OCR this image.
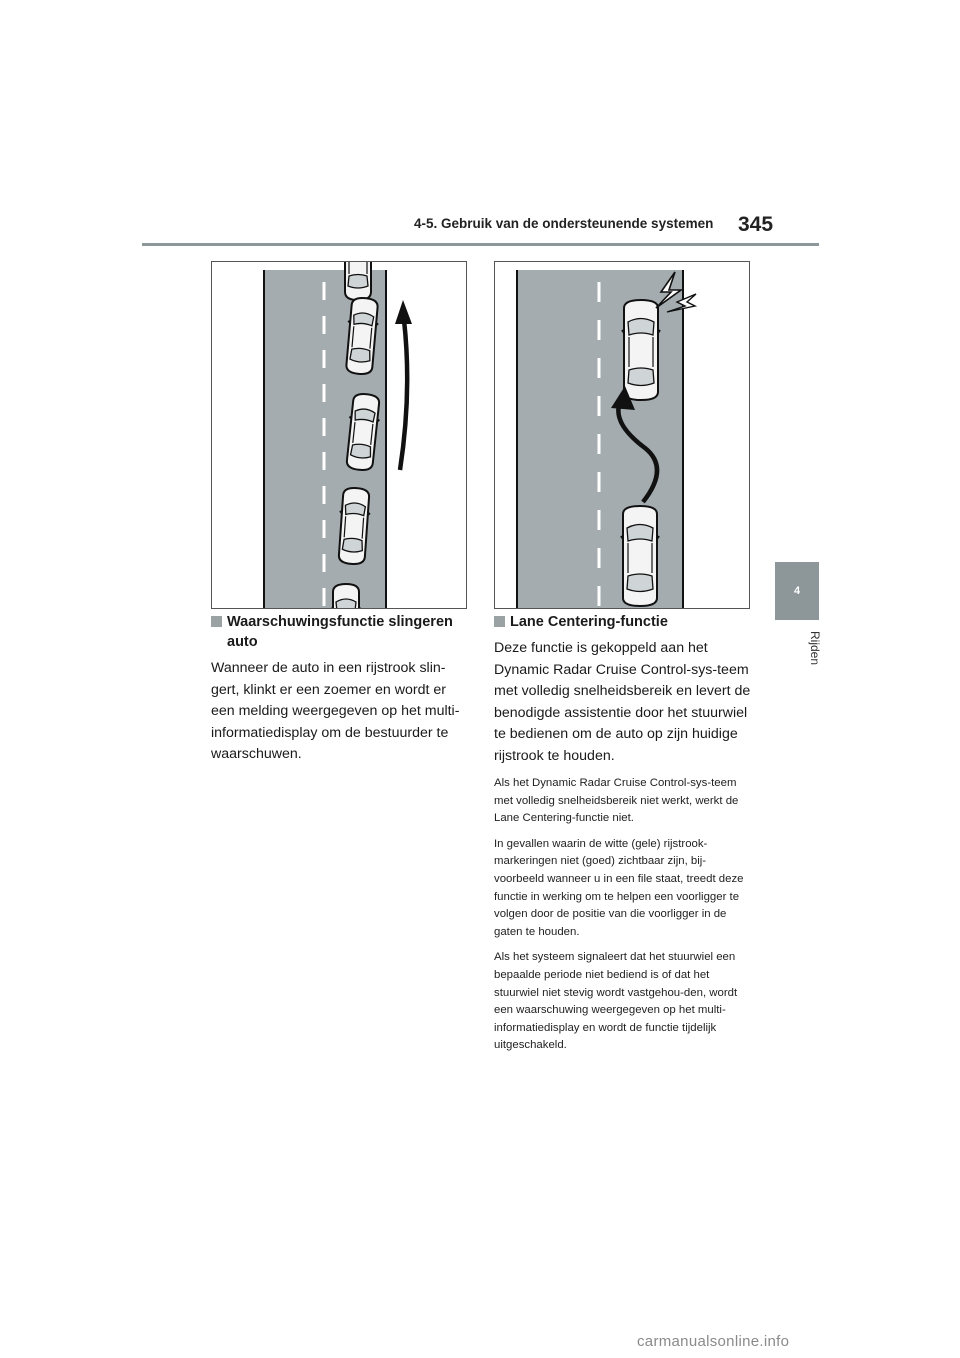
4-5. Gebruik van de ondersteunende systemen 345
4
Rijden
Waarschuwingsfunctie slingeren auto

Wanneer de auto in een rijstrook slin-gert, klinkt er een zoemer en wordt er een melding weergegeven op het multi-informatiedisplay om de bestuurder te waarschuwen.

Lane Centering-functie

Deze functie is gekoppeld aan het Dynamic Radar Cruise Control-sys-teem met volledig snelheidsbereik en levert de benodigde assistentie door het stuurwiel te bedienen om de auto op zijn huidige rijstrook te houden.

Als het Dynamic Radar Cruise Control-sys-teem met volledig snelheidsbereik niet werkt, werkt de Lane Centering-functie niet.

In gevallen waarin de witte (gele) rijstrook-markeringen niet (goed) zichtbaar zijn, bij-voorbeeld wanneer u in een file staat, treedt deze functie in werking om te helpen een voorligger te volgen door de positie van die voorligger in de gaten te houden.

Als het systeem signaleert dat het stuurwiel een bepaalde periode niet bediend is of dat het stuurwiel niet stevig wordt vastgehou-den, wordt een waarschuwing weergegeven op het multi-informatiedisplay en wordt de functie tijdelijk uitgeschakeld.

carmanualsonline.info
